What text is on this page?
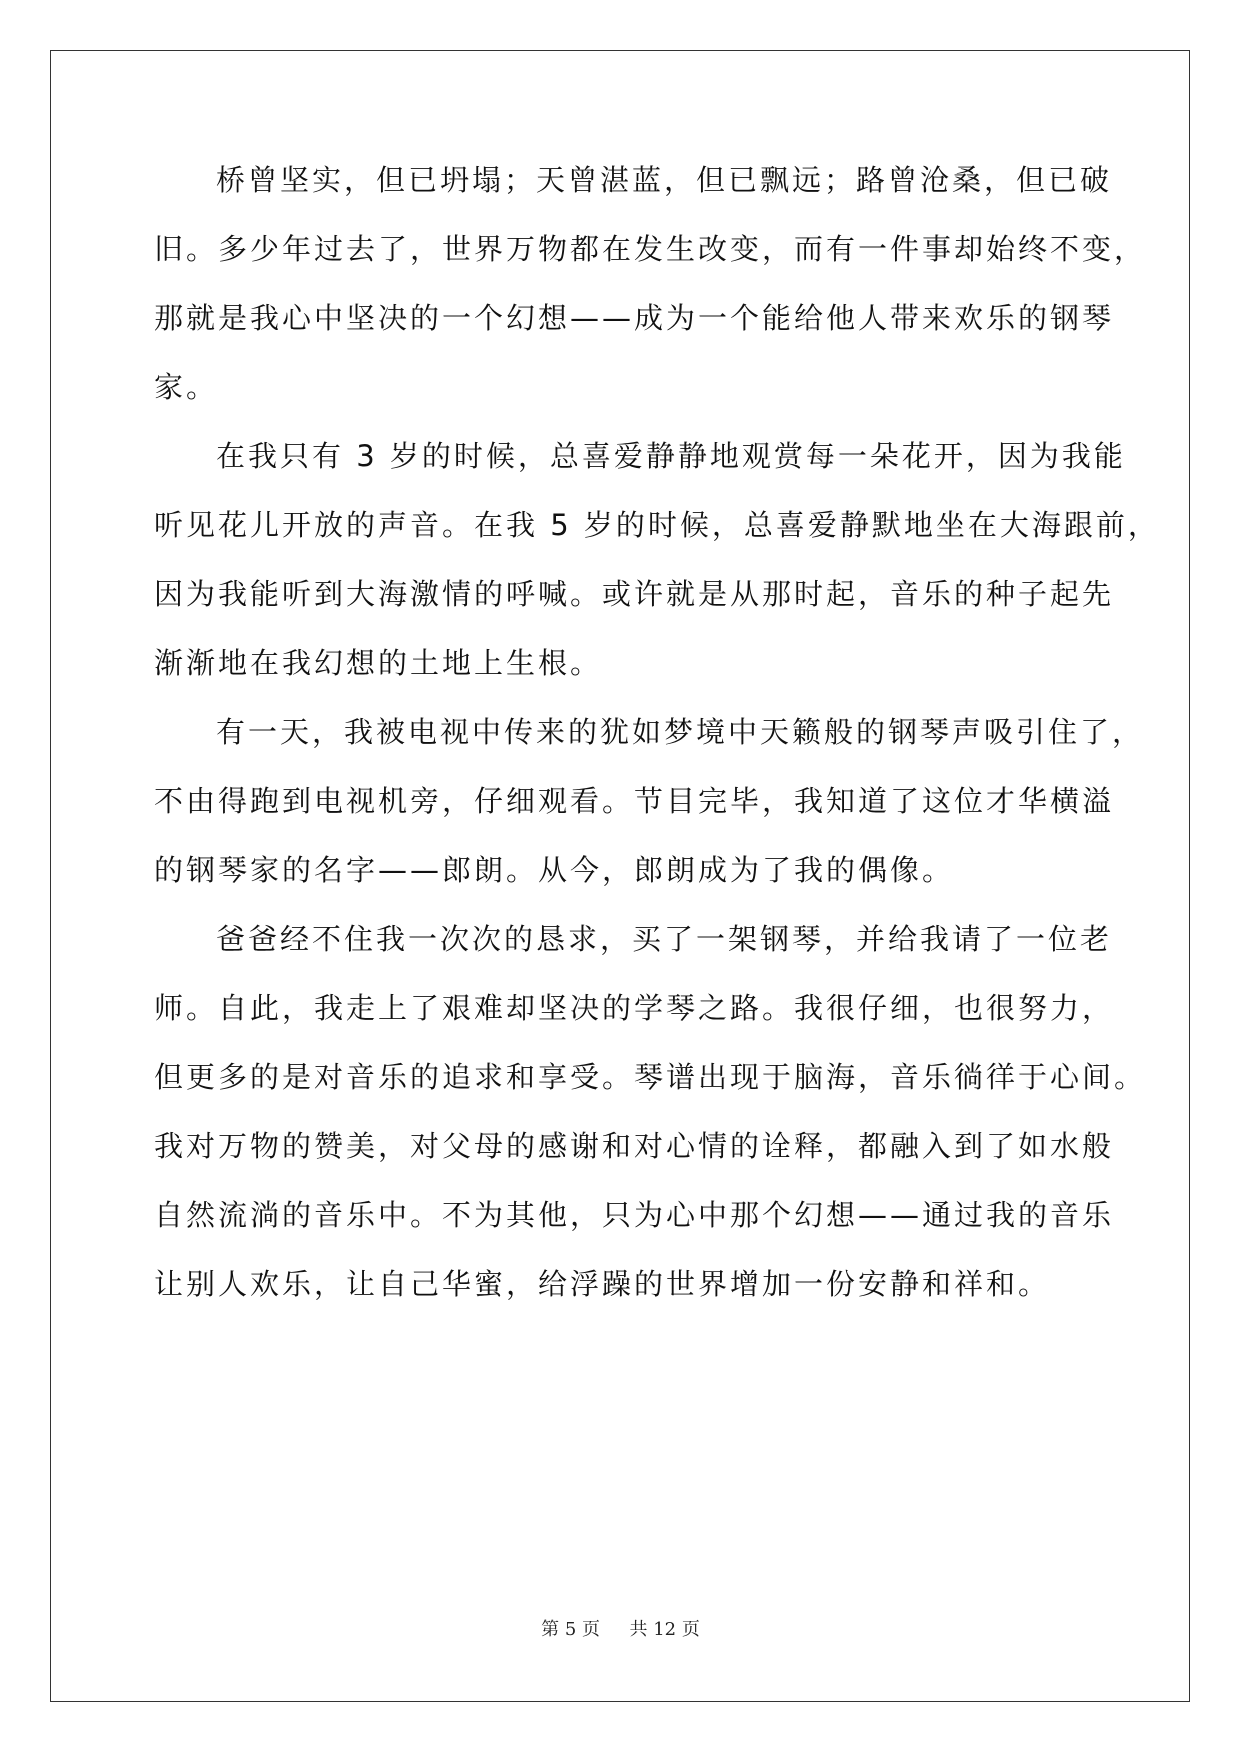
桥曾坚实，但已坍塌；天曾湛蓝，但已飘远；路曾沧桑，但已破
旧。多少年过去了，世界万物都在发生改变，而有一件事却始终不变，
那就是我心中坚决的一个幻想——成为一个能给他人带来欢乐的钢琴
家。
在我只有 3 岁的时候，总喜爱静静地观赏每一朵花开，因为我能
听见花儿开放的声音。在我 5 岁的时候，总喜爱静默地坐在大海跟前，
因为我能听到大海激情的呼喊。或许就是从那时起，音乐的种子起先
渐渐地在我幻想的土地上生根。
有一天，我被电视中传来的犹如梦境中天籁般的钢琴声吸引住了，
不由得跑到电视机旁，仔细观看。节目完毕，我知道了这位才华横溢
的钢琴家的名字——郎朗。从今，郎朗成为了我的偶像。
爸爸经不住我一次次的恳求，买了一架钢琴，并给我请了一位老
师。自此，我走上了艰难却坚决的学琴之路。我很仔细，也很努力，
但更多的是对音乐的追求和享受。琴谱出现于脑海，音乐徜徉于心间。
我对万物的赞美，对父母的感谢和对心情的诠释，都融入到了如水般
自然流淌的音乐中。不为其他，只为心中那个幻想——通过我的音乐
让别人欢乐，让自己华蜜，给浮躁的世界增加一份安静和祥和。
第 5 页 共 12 页
